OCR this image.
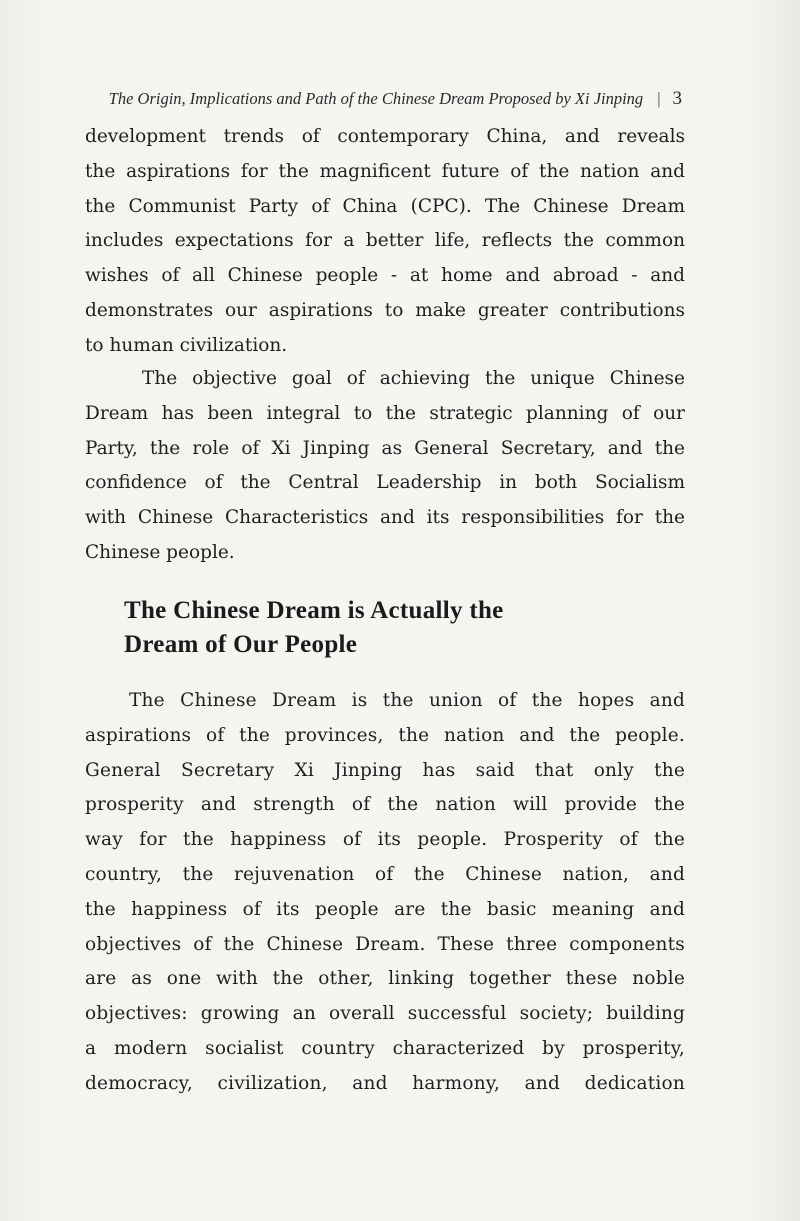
The Origin, Implications and Path of the Chinese Dream Proposed by Xi Jinping | 3
development trends of contemporary China, and reveals
the aspirations for the magnificent future of the nation and
the Communist Party of China (CPC). The Chinese Dream
includes expectations for a better life, reflects the common
wishes of all Chinese people - at home and abroad - and
demonstrates our aspirations to make greater contributions
to human civilization.
The objective goal of achieving the unique Chinese
Dream has been integral to the strategic planning of our
Party, the role of Xi Jinping as General Secretary, and the
confidence of the Central Leadership in both Socialism
with Chinese Characteristics and its responsibilities for the
Chinese people.
The Chinese Dream is Actually the
Dream of Our People
The Chinese Dream is the union of the hopes and
aspirations of the provinces, the nation and the people.
General Secretary Xi Jinping has said that only the
prosperity and strength of the nation will provide the
way for the happiness of its people. Prosperity of the
country, the rejuvenation of the Chinese nation, and
the happiness of its people are the basic meaning and
objectives of the Chinese Dream. These three components
are as one with the other, linking together these noble
objectives: growing an overall successful society; building
a modern socialist country characterized by prosperity,
democracy, civilization, and harmony, and dedication
